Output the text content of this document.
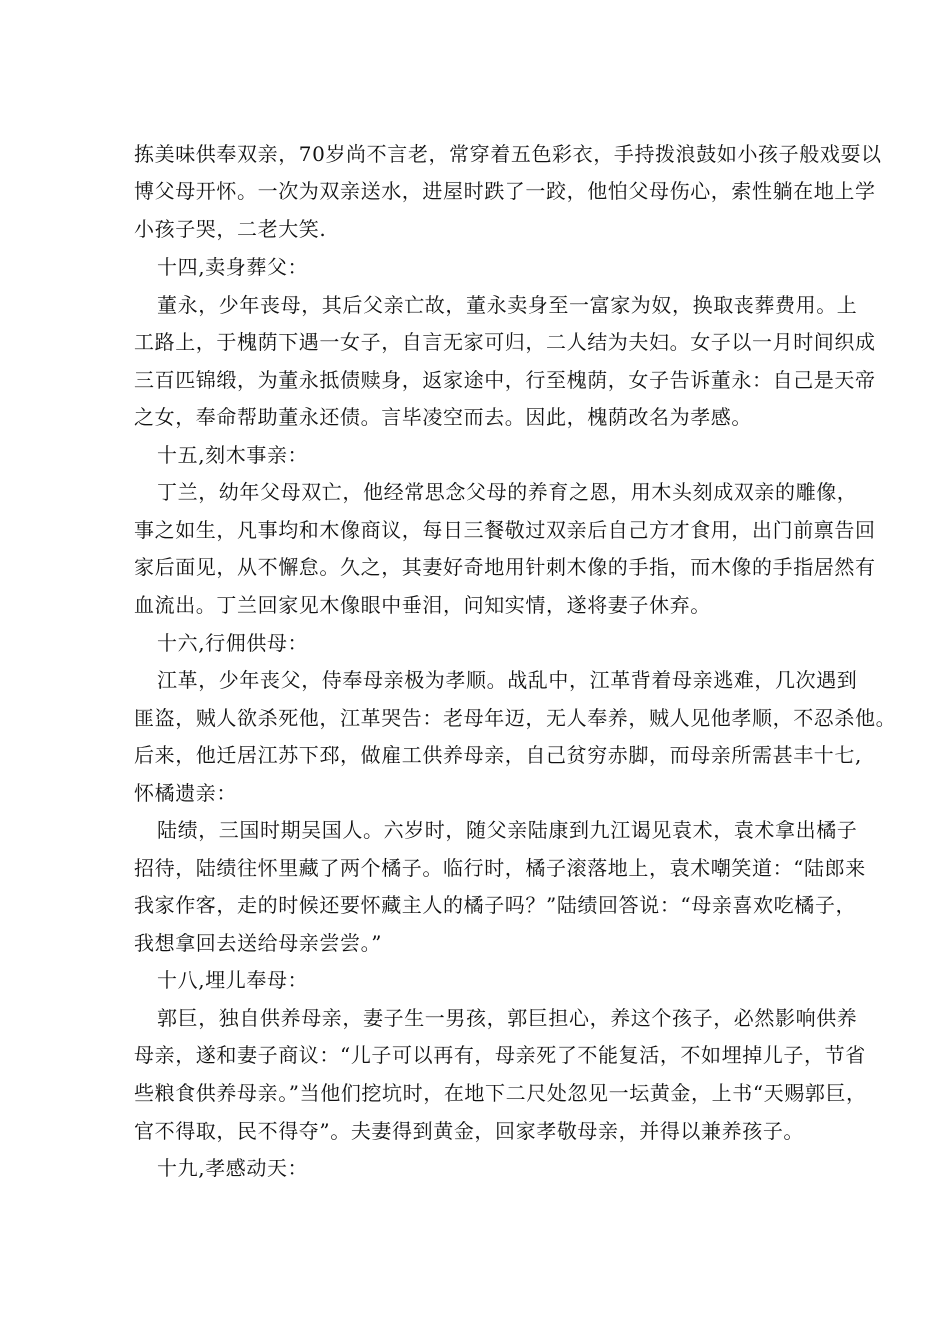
拣美味供奉双亲，70岁尚不言老，常穿着五色彩衣，手持拨浪鼓如小孩子般戏耍以
博父母开怀。一次为双亲送水，进屋时跌了一跤，他怕父母伤心，索性躺在地上学
小孩子哭，二老大笑.
十四,卖身葬父：
董永，少年丧母，其后父亲亡故，董永卖身至一富家为奴，换取丧葬费用。上
工路上，于槐荫下遇一女子，自言无家可归，二人结为夫妇。女子以一月时间织成
三百匹锦缎，为董永抵债赎身，返家途中，行至槐荫，女子告诉董永：自己是天帝
之女，奉命帮助董永还债。言毕凌空而去。因此，槐荫改名为孝感。
十五,刻木事亲：
丁兰，幼年父母双亡，他经常思念父母的养育之恩，用木头刻成双亲的雕像，
事之如生，凡事均和木像商议，每日三餐敬过双亲后自己方才食用，出门前禀告回
家后面见，从不懈怠。久之，其妻好奇地用针刺木像的手指，而木像的手指居然有
血流出。丁兰回家见木像眼中垂泪，问知实情，遂将妻子休弃。
十六,行佣供母：
江革，少年丧父，侍奉母亲极为孝顺。战乱中，江革背着母亲逃难，几次遇到
匪盗，贼人欲杀死他，江革哭告：老母年迈，无人奉养，贼人见他孝顺，不忍杀他。
后来，他迁居江苏下邳，做雇工供养母亲，自己贫穷赤脚，而母亲所需甚丰十七,
怀橘遗亲：
陆绩，三国时期吴国人。六岁时，随父亲陆康到九江谒见袁术，袁术拿出橘子
招待，陆绩往怀里藏了两个橘子。临行时，橘子滚落地上，袁术嘲笑道：“陆郎来
我家作客，走的时候还要怀藏主人的橘子吗？”陆绩回答说：“母亲喜欢吃橘子，
我想拿回去送给母亲尝尝。”
十八,埋儿奉母：
郭巨，独自供养母亲，妻子生一男孩，郭巨担心，养这个孩子，必然影响供养
母亲，遂和妻子商议：“儿子可以再有，母亲死了不能复活，不如埋掉儿子，节省
些粮食供养母亲。”当他们挖坑时，在地下二尺处忽见一坛黄金，上书“天赐郭巨，
官不得取，民不得夺”。夫妻得到黄金，回家孝敬母亲，并得以兼养孩子。
十九,孝感动天：
